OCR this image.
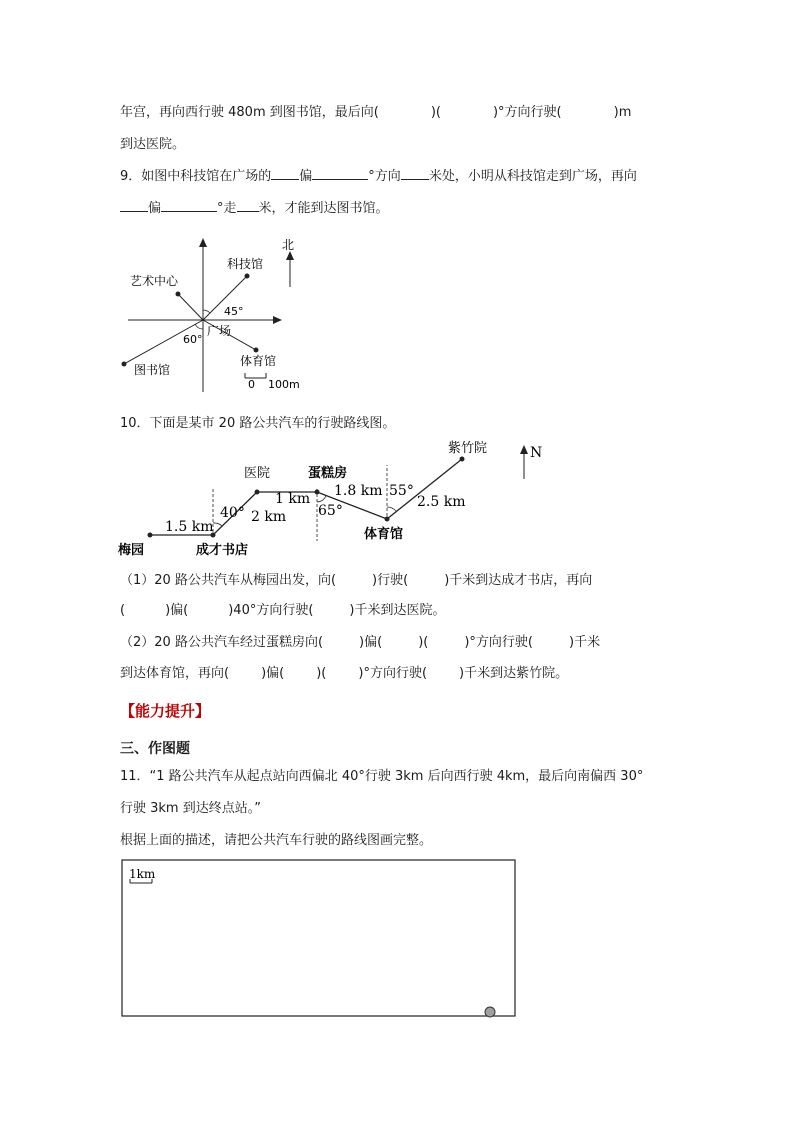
年宫，再向西行驶 480m 到图书馆，最后向(	)(	)°方向行驶(	)m
到达医院。
9．如图中科技馆在广场的 偏	°方向 米处，小明从科技馆走到广场，再向
偏	°走 米，才能到达图书馆。
北
科技馆
艺术中心
45°
广场
60°
体育馆
图书馆
0 100m
10．下面是某市 20 路公共汽车的行驶路线图。
N
梅园	成才书店
医院	蛋糕房
体育馆
紫竹院
1.5 km
2 km
1 km 1.8 km
2.5 km
40°	65°
55°
（1）20 路公共汽车从梅园出发，向(	)行驶(	)千米到达成才书店，再向
(	)偏(	)40°方向行驶(	)千米到达医院。
（2）20 路公共汽车经过蛋糕房向(	)偏(	)(	)°方向行驶(	)千米
到达体育馆，再向( )偏( )( )°方向行驶( )千米到达紫竹院。
【能力提升】
三、作图题
11．“1 路公共汽车从起点站向西偏北 40°行驶 3km 后向西行驶 4km，最后向南偏西 30°
行驶 3km 到达终点站。”
根据上面的描述，请把公共汽车行驶的路线图画完整。
1km
